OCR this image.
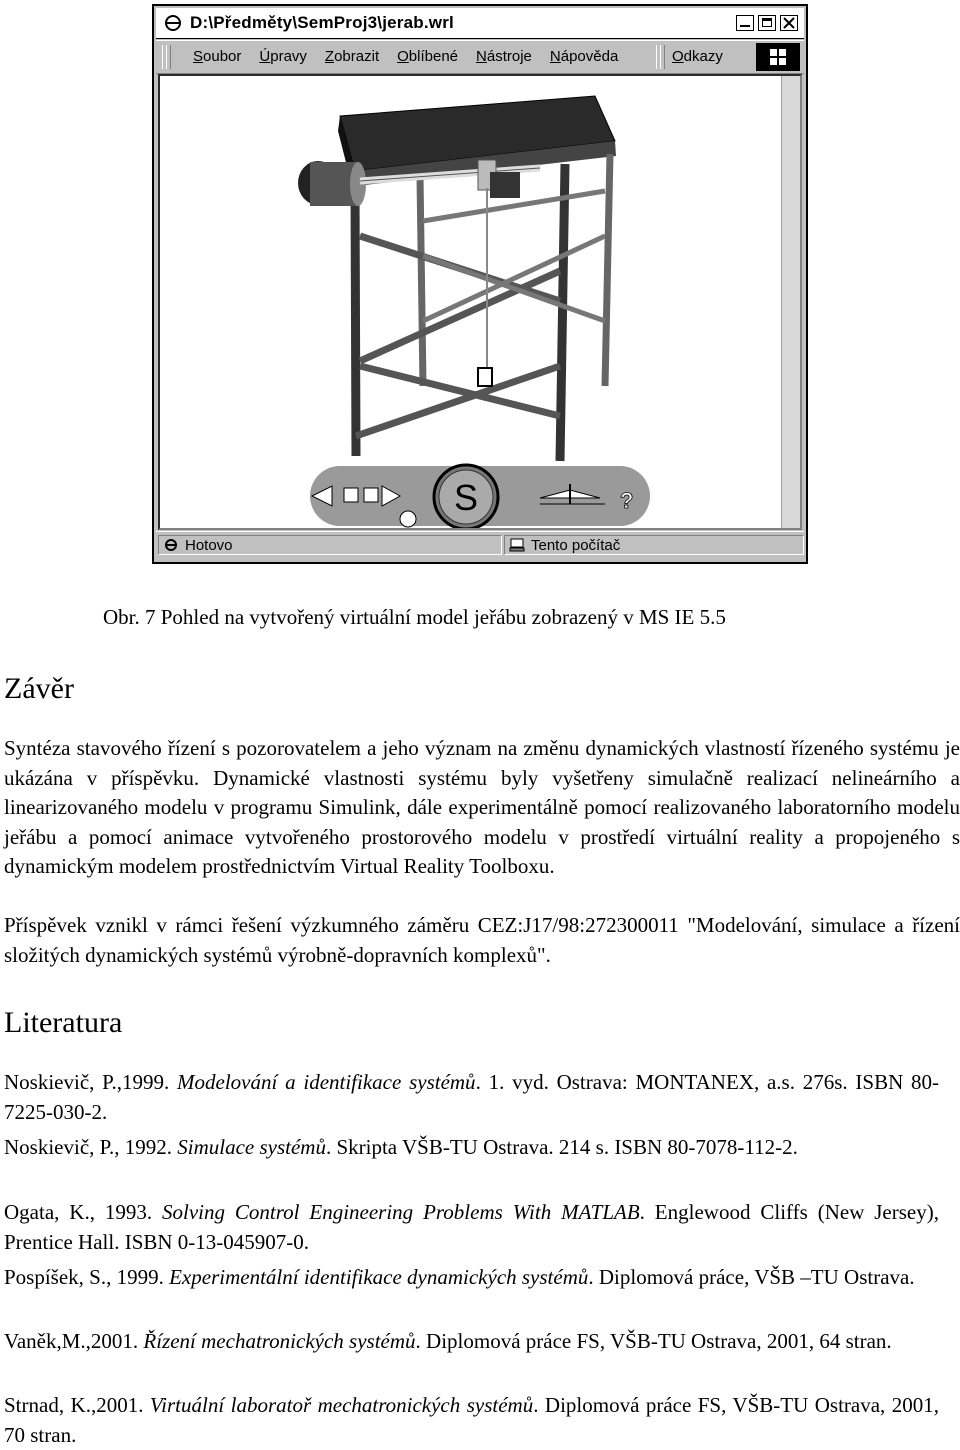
D:\Předměty\SemProj3\jerab.wrl
Soubor	Úpravy	Zobrazit	Oblíbené	Nástroje	Nápověda	Odkazy
S	?
Hotovo	Tento počítač
Obr. 7 Pohled na vytvořený virtuální model jeřábu zobrazený v MS IE 5.5
Závěr

Syntéza stavového řízení s pozorovatelem a jeho význam na změnu dynamických vlastností řízeného systému je ukázána v příspěvku. Dynamické vlastnosti systému byly vyšetřeny simulačně realizací nelineárního a linearizovaného modelu v programu Simulink, dále experimentálně pomocí realizovaného laboratorního modelu jeřábu a pomocí animace vytvořeného prostorového modelu v prostředí virtuální reality a propojeného s dynamickým modelem prostřednictvím Virtual Reality Toolboxu.

Příspěvek vznikl v rámci řešení výzkumného záměru CEZ:J17/98:272300011 "Modelování, simulace a řízení složitých dynamických systémů výrobně-dopravních komplexů".

Literatura

Noskievič, P.,1999. Modelování a identifikace systémů. 1. vyd. Ostrava: MONTANEX, a.s. 276s. ISBN 80-7225-030-2.

Noskievič, P., 1992. Simulace systémů. Skripta VŠB-TU Ostrava. 214 s. ISBN 80-7078-112-2.

Ogata, K., 1993. Solving Control Engineering Problems With MATLAB. Englewood Cliffs (New Jersey), Prentice Hall. ISBN 0-13-045907-0.

Pospíšek, S., 1999. Experimentální identifikace dynamických systémů. Diplomová práce, VŠB –TU Ostrava.

Vaněk,M.,2001. Řízení mechatronických systémů. Diplomová práce FS, VŠB-TU Ostrava, 2001, 64 stran.

Strnad, K.,2001. Virtuální laboratoř mechatronických systémů. Diplomová práce FS, VŠB-TU Ostrava, 2001, 70 stran.
